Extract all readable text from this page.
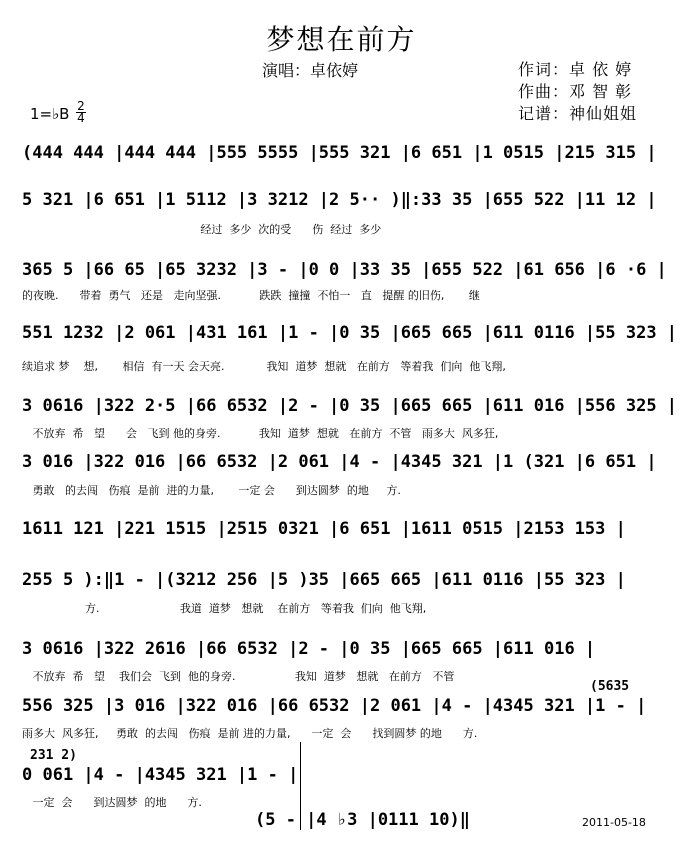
梦想在前方
演唱：卓依婷	作词：卓 依 婷
作曲：邓 智 彰
记谱：神仙姐姐
1=♭B 2
4
(444 444 |444 444 |555 5555 |555 321 |6 651 |1 0515 |215 315 |
5 321 |6 651 |1 5112 |3 3212 |2 5·· )‖:33 35 |655 522 |11 12 |
经过  多少  次的受      伤  经过  多少
365 5 |66 65 |65 3232 |3 - |0 0 |33 35 |655 522 |61 656 |6 ·6 |
的夜晚.      带着  勇气   还是   走向坚强.           跌跌  撞撞  不怕一   直   提醒 的旧伤,       继
551 1232 |2 061 |431 161 |1 - |0 35 |665 665 |611 0116 |55 323 |
续追求 梦    想,       相信  有一天 会天亮.            我知  道梦  想就   在前方   等着我  们向  他飞翔,
3 0616 |322 2·5 |66 6532 |2 - |0 35 |665 665 |611 016 |556 325 |
不放弃  希   望      会   飞到 他的身旁.           我知  道梦  想就   在前方  不管   雨多大  风多狂,
3 016 |322 016 |66 6532 |2 061 |4 - |4345 321 |1 (321 |6 651 |
勇敢   的去闯   伤痕  是前  进的力量,       一定 会      到达圆梦  的地     方.
1611 121 |221 1515 |2515 0321 |6 651 |1611 0515 |2153 153 |
255 5 ):‖1 - |(3212 256 |5 )35 |665 665 |611 0116 |55 323 |
方.                       我道  道梦   想就    在前方   等着我  们向  他飞翔,
3 0616 |322 2616 |66 6532 |2 - |0 35 |665 665 |611 016 |
不放弃  希   望    我们会  飞到  他的身旁.                 我知  道梦   想就   在前方   不管
(5635
556 325 |3 016 |322 016 |66 6532 |2 061 |4 - |4345 321 |1 - |
雨多大  风多狂,     勇敢  的去闯   伤痕  是前 进的力量,      一定  会      找到圆梦 的地      方.
231 2)
0 061 |4 - |4345 321 |1 - |
一定  会      到达圆梦  的地      方.
(5 - |4 ♭3 |0111 10)‖	2011-05-18
